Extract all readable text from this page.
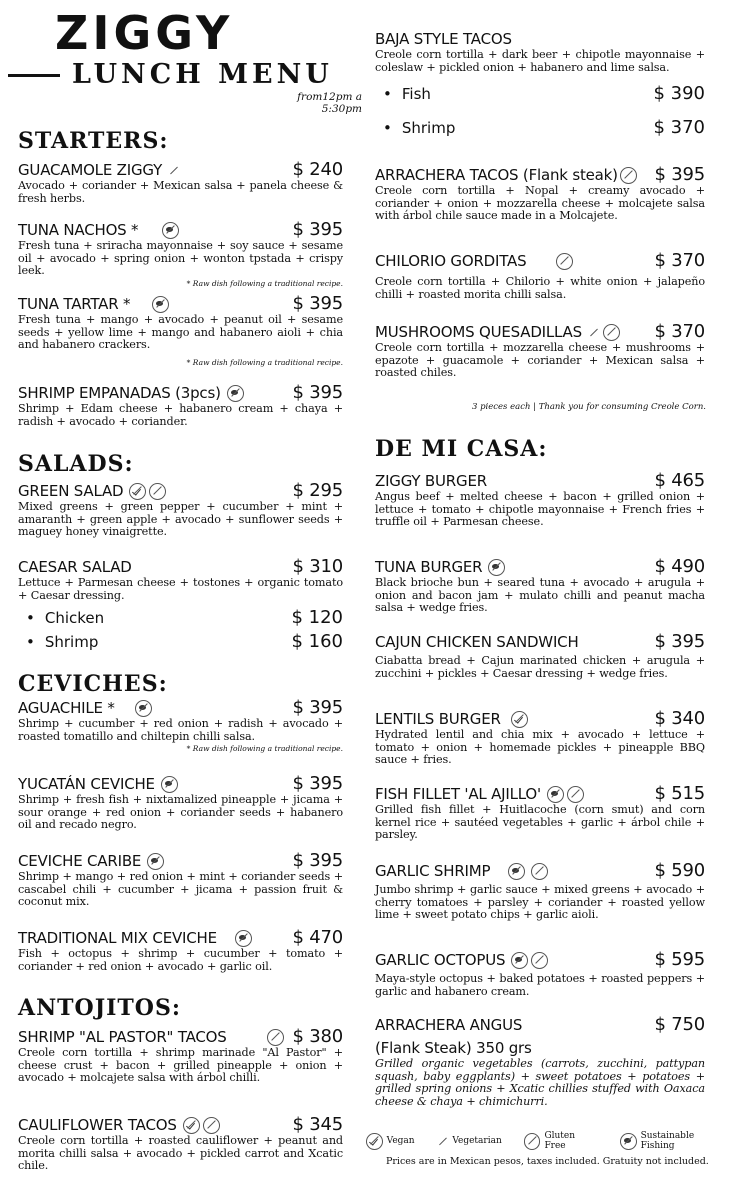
ZIGGY
LUNCH MENU
from12pm a
5:30pm
STARTERS:
GUACAMOLE ZIGGY	$ 240
Avocado + coriander + Mexican salsa + panela cheese & fresh herbs.
TUNA NACHOS *	$ 395
Fresh tuna + sriracha mayonnaise + soy sauce + sesame oil + avocado + spring onion + wonton tpstada + crispy leek.
* Raw dish following a traditional recipe.
TUNA TARTAR *	$ 395
Fresh tuna + mango + avocado + peanut oil + sesame seeds + yellow lime + mango and habanero aioli + chia and habanero crackers.
* Raw dish following a traditional recipe.
SHRIMP EMPANADAS (3pcs)	$ 395
Shrimp + Edam cheese + habanero cream + chaya + radish + avocado + coriander.
SALADS:
GREEN SALAD	$ 295
Mixed greens + green pepper + cucumber + mint + amaranth + green apple + avocado + sunflower seeds + maguey honey vinaigrette.
CAESAR SALAD	$ 310
Lettuce + Parmesan cheese + tostones + organic tomato + Caesar dressing.
• Chicken	$ 120
• Shrimp	$ 160
CEVICHES:
AGUACHILE *	$ 395
Shrimp + cucumber + red onion + radish + avocado + roasted tomatillo and chiltepin chilli salsa.
* Raw dish following a traditional recipe.
YUCATÁN CEVICHE	$ 395
Shrimp + fresh fish + nixtamalized pineapple + jicama + sour orange + red onion + coriander seeds + habanero oil and recado negro.
CEVICHE CARIBE	$ 395
Shrimp + mango + red onion + mint + coriander seeds + cascabel chili + cucumber + jicama + passion fruit & coconut mix.
TRADITIONAL MIX CEVICHE	$ 470
Fish + octopus + shrimp + cucumber + tomato + coriander + red onion + avocado + garlic oil.
ANTOJITOS:
SHRIMP "AL PASTOR" TACOS	$ 380
Creole corn tortilla + shrimp marinade "Al Pastor" + cheese crust + bacon + grilled pineapple + onion + avocado + molcajete salsa with árbol chilli.
CAULIFLOWER TACOS	$ 345
Creole corn tortilla + roasted cauliflower + peanut and morita chilli salsa + avocado + pickled carrot and Xcatic chile.
BAJA STYLE TACOS
Creole corn tortilla + dark beer + chipotle mayonnaise + coleslaw + pickled onion + habanero and lime salsa.
• Fish	$ 390
• Shrimp	$ 370
ARRACHERA TACOS (Flank steak) $ 395
Creole corn tortilla + Nopal + creamy avocado + coriander + onion + mozzarella cheese + molcajete salsa with árbol chile sauce made in a Molcajete.
CHILORIO GORDITAS	$ 370
Creole corn tortilla + Chilorio + white onion + jalapeño chilli + roasted morita chilli salsa.
MUSHROOMS QUESADILLAS	$ 370
Creole corn tortilla + mozzarella cheese + mushrooms + epazote + guacamole + coriander + Mexican salsa + roasted chiles.
3 pieces each | Thank you for consuming Creole Corn.
DE MI CASA:
ZIGGY BURGER	$ 465
Angus beef + melted cheese + bacon + grilled onion + lettuce + tomato + chipotle mayonnaise + French fries + truffle oil + Parmesan cheese.
TUNA BURGER	$ 490
Black brioche bun + seared tuna + avocado + arugula + onion and bacon jam + mulato chilli and peanut macha salsa + wedge fries.
CAJUN CHICKEN SANDWICH	$ 395
Ciabatta bread + Cajun marinated chicken + arugula + zucchini + pickles + Caesar dressing + wedge fries.
LENTILS BURGER	$ 340
Hydrated lentil and chia mix + avocado + lettuce + tomato + onion + homemade pickles + pineapple BBQ sauce + fries.
FISH FILLET 'AL AJILLO'	$ 515
Grilled fish fillet + Huitlacoche (corn smut) and corn kernel rice + sautéed vegetables + garlic + árbol chile + parsley.
GARLIC SHRIMP	$ 590
Jumbo shrimp + garlic sauce + mixed greens + avocado + cherry tomatoes + parsley + coriander + roasted yellow lime + sweet potato chips + garlic aioli.
GARLIC OCTOPUS	$ 595
Maya-style octopus + baked potatoes + roasted peppers + garlic and habanero cream.
ARRACHERA ANGUS	$ 750
(Flank Steak) 350 grs
Grilled organic vegetables (carrots, zucchini, pattypan squash, baby eggplants) + sweet potatoes + potatoes + grilled spring onions + Xcatic chillies stuffed with Oaxaca cheese & chaya + chimichurri.
Vegan	Vegetarian	Gluten Free
Sustainable Fishing
Prices are in Mexican pesos, taxes included. Gratuity not included.
